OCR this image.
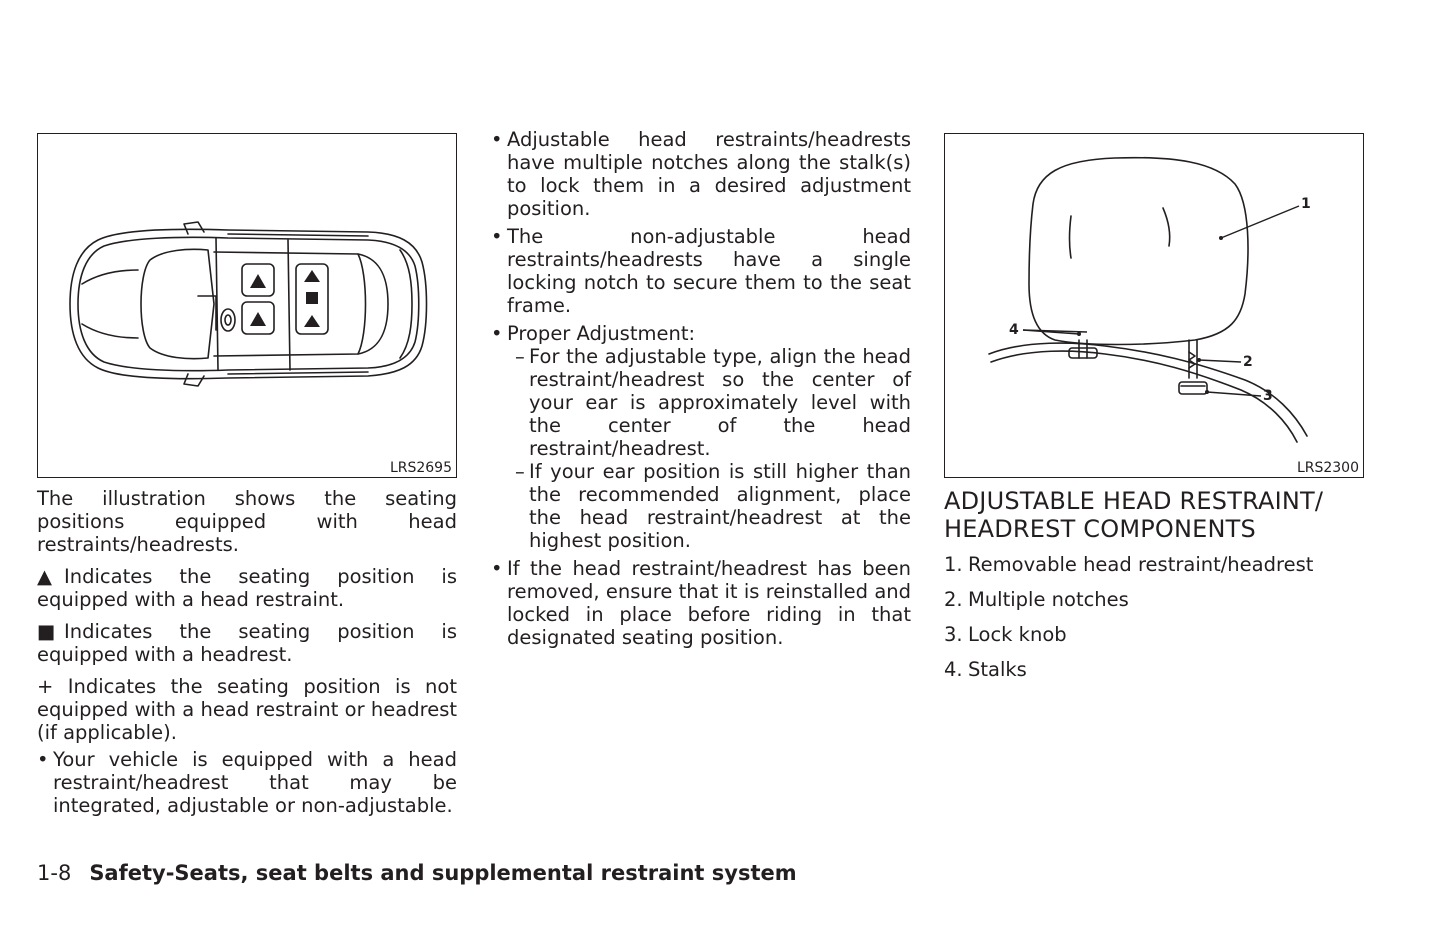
LRS2695
1
2
3
4
LRS2300

The illustration shows the seating positions equipped with head restraints/headrests.

▲ Indicates the seating position is equipped with a head restraint.

■ Indicates the seating position is equipped with a headrest.

+ Indicates the seating position is not equipped with a head restraint or headrest (if applicable).

• Your vehicle is equipped with a head restraint/headrest that may be integrated, adjustable or non-adjustable.
• Adjustable head restraints/headrests have multiple notches along the stalk(s) to lock them in a desired adjustment position.
• The non-adjustable head restraints/headrests have a single locking notch to secure them to the seat frame.
• Proper Adjustment:
– For the adjustable type, align the head restraint/headrest so the center of your ear is approximately level with the center of the head restraint/headrest.
– If your ear position is still higher than the recommended alignment, place the head restraint/headrest at the highest position.
• If the head restraint/headrest has been removed, ensure that it is reinstalled and locked in place before riding in that designated seating position.
ADJUSTABLE HEAD RESTRAINT/
HEADREST COMPONENTS
1. Removable head restraint/headrest
2. Multiple notches
3. Lock knob
4. Stalks
1-8 Safety-Seats, seat belts and supplemental restraint system
